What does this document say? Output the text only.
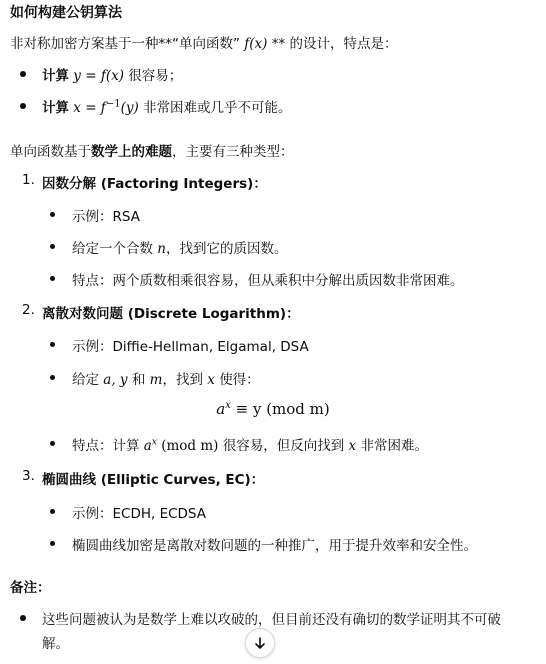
如何构建公钥算法
非对称加密方案基于一种**“单向函数” f(x) ** 的设计，特点是：
计算 y = f(x) 很容易；
计算 $x = f^{-1}(y)$ 非常困难或几乎不可能。
单向函数基于数学上的难题，主要有三种类型：
1. 因数分解 (Factoring Integers)：
示例：RSA
给定一个合数 n，找到它的质因数。
特点：两个质数相乘很容易，但从乘积中分解出质因数非常困难。
2. 离散对数问题 (Discrete Logarithm)：
示例：Diffie-Hellman, Elgamal, DSA
给定 a, y 和 m，找到 x 使得：
$a^x \equiv y$ (mod m)
特点：计算 $a^x$ (mod m) 很容易，但反向找到 x 非常困难。
3. 椭圆曲线 (Elliptic Curves, EC)：
示例：ECDH, ECDSA
椭圆曲线加密是离散对数问题的一种推广，用于提升效率和安全性。
备注：
这些问题被认为是数学上难以攻破的，但目前还没有确切的数学证明其不可破
解。
